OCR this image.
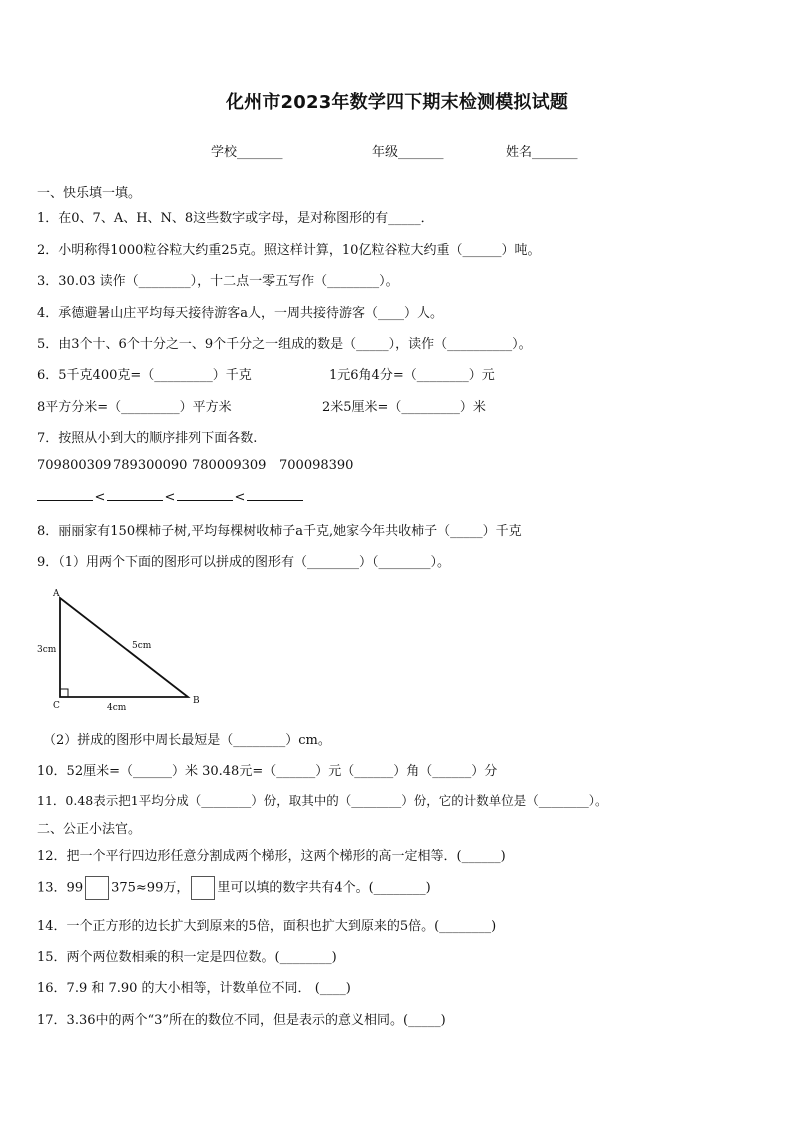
化州市2023年数学四下期末检测模拟试题
学校_______	年级_______	姓名_______
一、快乐填一填。
1．在0、7、A、H、N、8这些数字或字母，是对称图形的有_____．
2．小明称得1000粒谷粒大约重25克。照这样计算，10亿粒谷粒大约重（______）吨。
3．30.03 读作（________），十二点一零五写作（________）。
4．承德避暑山庄平均每天接待游客a人，一周共接待游客（____）人。
5．由3个十、6个十分之一、9个千分之一组成的数是（_____），读作（__________）。
6．5千克400克=（_________）千克	1元6角4分=（________）元
8平方分米=（_________）平方米	2米5厘米=（_________）米
7．按照从小到大的顺序排列下面各数.
709800309 789300090 780009309 700098390
<	<	<
8．丽丽家有150棵柿子树,平均每棵树收柿子a千克,她家今年共收柿子（_____）千克
9．（1）用两个下面的图形可以拼成的图形有（________）（________）。
A
B
C
3cm	5cm
4cm
（2）拼成的图形中周长最短是（________）cm。
10．52厘米=（______）米 30.48元=（______）元（______）角（______）分
11．0.48表示把1平均分成（________）份，取其中的（________）份，它的计数单位是（________）。
二、公正小法官。
12．把一个平行四边形任意分割成两个梯形，这两个梯形的高一定相等．(______)
13．99 375≈99万， 里可以填的数字共有4个。(________)
14．一个正方形的边长扩大到原来的5倍，面积也扩大到原来的5倍。(________)
15．两个两位数相乘的积一定是四位数。(________)
16．7.9 和 7.90 的大小相等，计数单位不同． (____)
17．3.36中的两个“3”所在的数位不同，但是表示的意义相同。(_____)
